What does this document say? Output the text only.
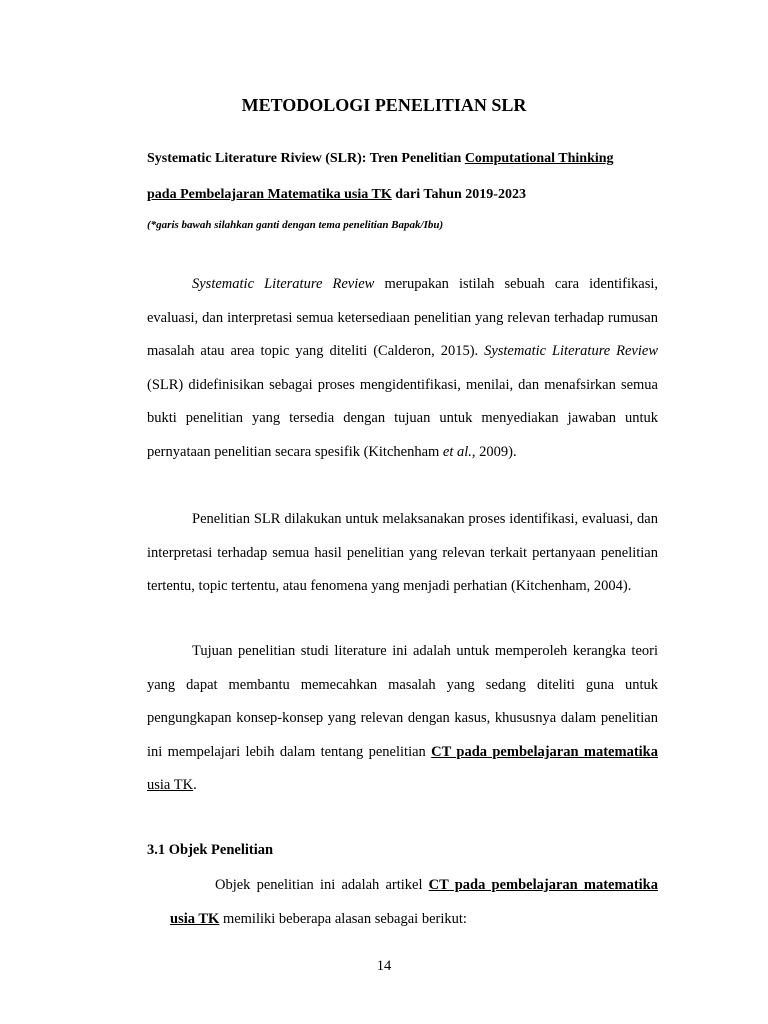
METODOLOGI PENELITIAN SLR
Systematic Literature Riview (SLR): Tren Penelitian Computational Thinking
pada Pembelajaran Matematika usia TK dari Tahun 2019-2023
(*garis bawah silahkan ganti dengan tema penelitian Bapak/Ibu)

Systematic Literature Review merupakan istilah sebuah cara identifikasi, evaluasi, dan interpretasi semua ketersediaan penelitian yang relevan terhadap rumusan masalah atau area topic yang diteliti (Calderon, 2015). Systematic Literature Review (SLR) didefinisikan sebagai proses mengidentifikasi, menilai, dan menafsirkan semua bukti penelitian yang tersedia dengan tujuan untuk menyediakan jawaban untuk pernyataan penelitian secara spesifik (Kitchenham et al., 2009).

Penelitian SLR dilakukan untuk melaksanakan proses identifikasi, evaluasi, dan interpretasi terhadap semua hasil penelitian yang relevan terkait pertanyaan penelitian tertentu, topic tertentu, atau fenomena yang menjadi perhatian (Kitchenham, 2004).

Tujuan penelitian studi literature ini adalah untuk memperoleh kerangka teori yang dapat membantu memecahkan masalah yang sedang diteliti guna untuk pengungkapan konsep-konsep yang relevan dengan kasus, khususnya dalam penelitian ini mempelajari lebih dalam tentang penelitian CT pada pembelajaran matematika usia TK.

3.1 Objek Penelitian

Objek penelitian ini adalah artikel CT pada pembelajaran matematika usia TK memiliki beberapa alasan sebagai berikut:

14
